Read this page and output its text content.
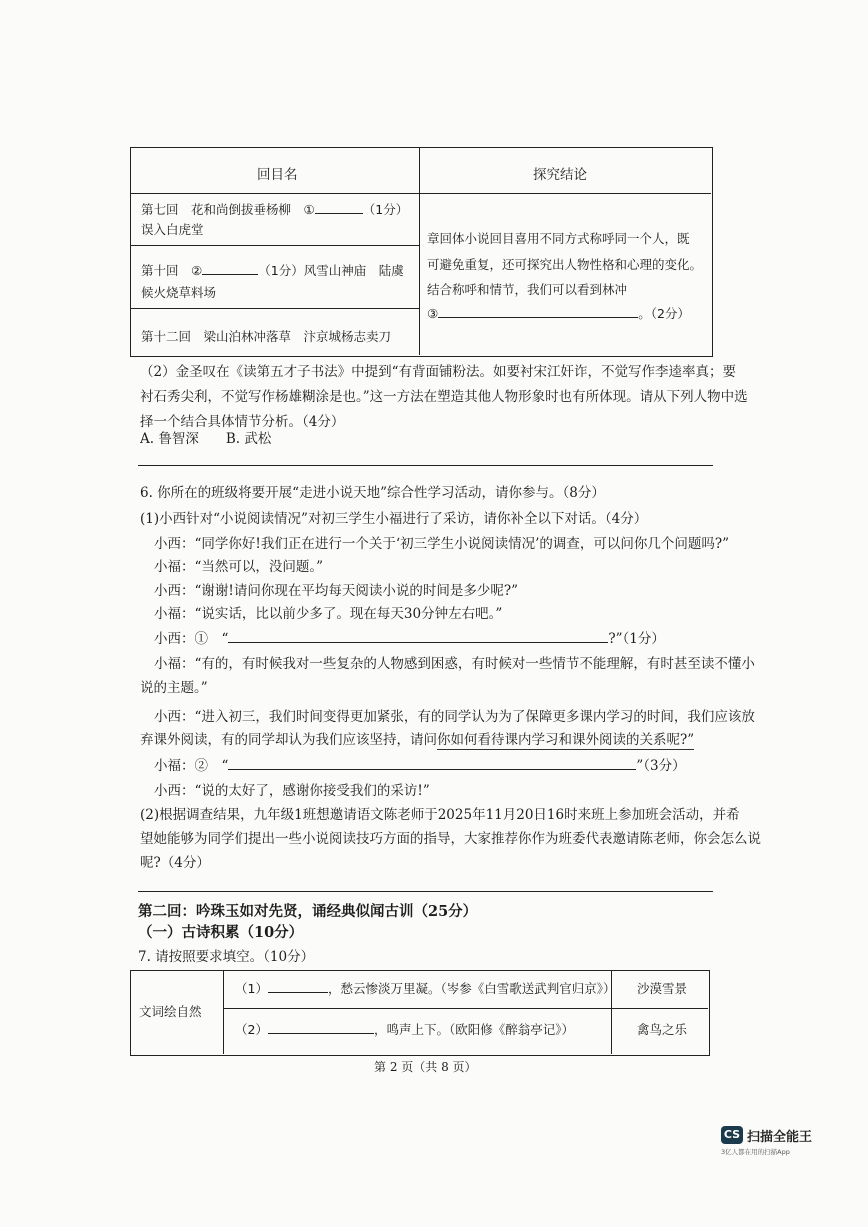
回目名	探究结论
第七回　花和尚倒拔垂杨柳　 ①	（1分）
误入白虎堂
第十回　 ②	（1分）风雪山神庙　陆虞
候火烧草料场
第十二回　梁山泊林冲落草　汴京城杨志卖刀
章回体小说回目喜用不同方式称呼同一个人，既
可避免重复，还可探究出人物性格和心理的变化。
结合称呼和情节，我们可以看到林冲
③	。（2分）
（2）金圣叹在《读第五才子书法》中提到“有背面铺粉法。如要衬宋江奸诈，不觉写作李逵率真；要
衬石秀尖利，不觉写作杨雄糊涂是也。”这一方法在塑造其他人物形象时也有所体现。请从下列人物中选
择一个结合具体情节分析。（4分）
A. 鲁智深　　 B. 武松
6. 你所在的班级将要开展“走进小说天地”综合性学习活动，请你参与。（8分）
(1)小西针对“小说阅读情况”对初三学生小福进行了采访，请你补全以下对话。（4分）
小西：“同学你好!我们正在进行一个关于‘初三学生小说阅读情况’的调查，可以问你几个问题吗?”
小福：“当然可以，没问题。”
小西：“谢谢!请问你现在平均每天阅读小说的时间是多少呢?”
小福：“说实话，比以前少多了。现在每天30分钟左右吧。”
小西：①　“	?”（1分）
小福：“有的，有时候我对一些复杂的人物感到困惑，有时候对一些情节不能理解，有时甚至读不懂小
说的主题。”
小西：“进入初三，我们时间变得更加紧张，有的同学认为为了保障更多课内学习的时间，我们应该放
弃课外阅读，有的同学却认为我们应该坚持，请问你如何看待课内学习和课外阅读的关系呢?”
小福：②　“	”（3分）
小西：“说的太好了，感谢你接受我们的采访!”
(2)根据调查结果，九年级1班想邀请语文陈老师于2025年11月20日16时来班上参加班会活动，并希
望她能够为同学们提出一些小说阅读技巧方面的指导，大家推荐你作为班委代表邀请陈老师，你会怎么说
呢?（4分）
第二回：吟珠玉如对先贤，诵经典似闻古训（25分）
（一）古诗积累（10分）
7. 请按照要求填空。（10分）
文词绘自然
（1）	，愁云惨淡万里凝。（岑参《白雪歌送武判官归京》） 沙漠雪景
（2）	，鸣声上下。（欧阳修《醉翁亭记》）	禽鸟之乐
第 2 页（共 8 页）
CS 扫描全能王
3亿人都在用的扫描App
